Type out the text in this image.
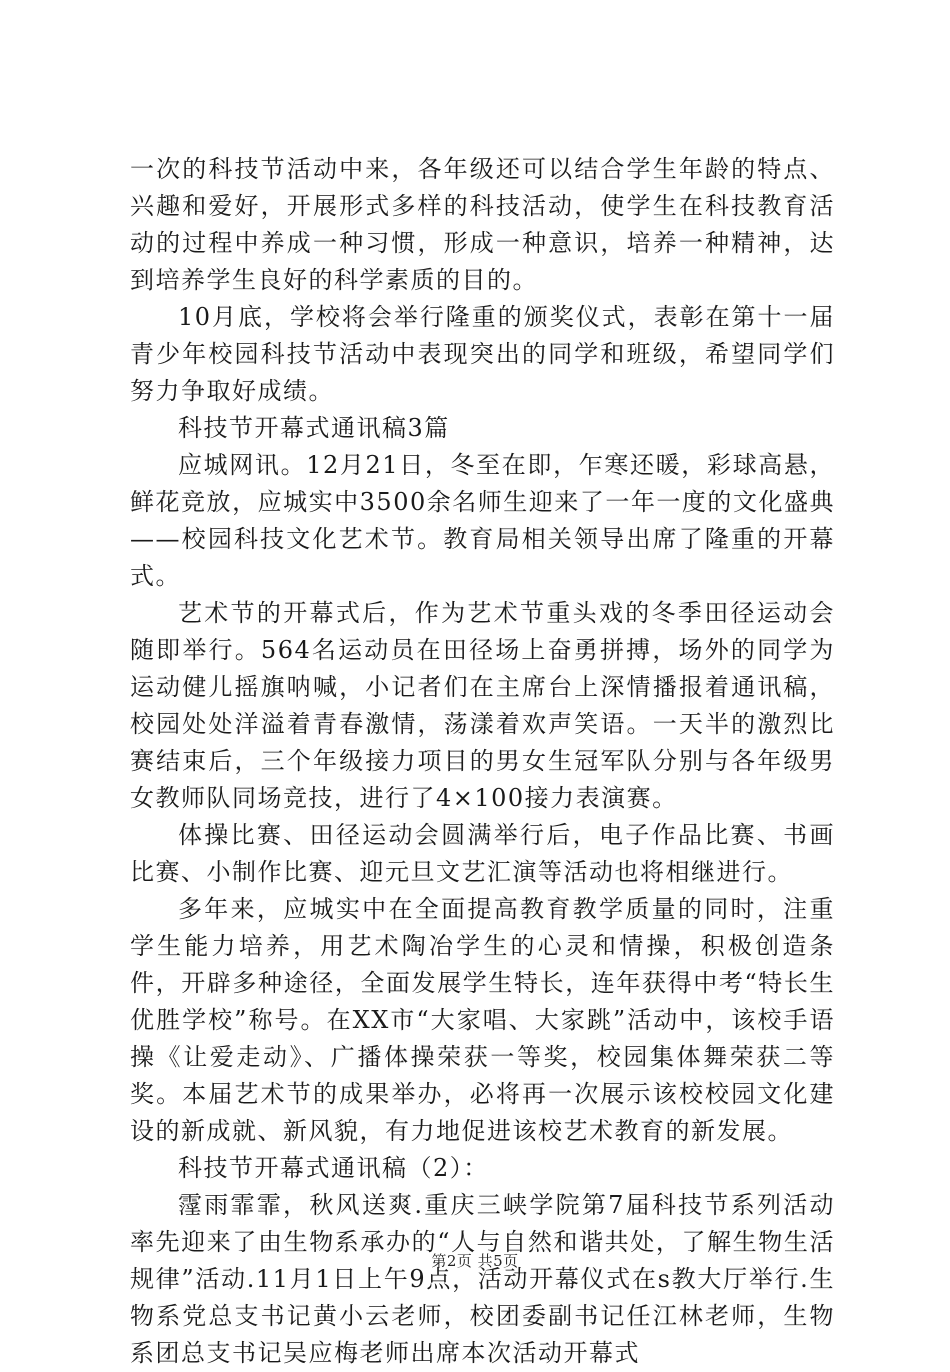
一次的科技节活动中来，各年级还可以结合学生年龄的特点、兴趣和爱好，开展形式多样的科技活动，使学生在科技教育活动的过程中养成一种习惯，形成一种意识，培养一种精神，达到培养学生良好的科学素质的目的。

10月底，学校将会举行隆重的颁奖仪式，表彰在第十一届青少年校园科技节活动中表现突出的同学和班级，希望同学们努力争取好成绩。

科技节开幕式通讯稿3篇

应城网讯。12月21日，冬至在即，乍寒还暖，彩球高悬，鲜花竞放，应城实中3500余名师生迎来了一年一度的文化盛典——校园科技文化艺术节。教育局相关领导出席了隆重的开幕式。

艺术节的开幕式后，作为艺术节重头戏的冬季田径运动会随即举行。564名运动员在田径场上奋勇拼搏，场外的同学为运动健儿摇旗呐喊，小记者们在主席台上深情播报着通讯稿，校园处处洋溢着青春激情，荡漾着欢声笑语。一天半的激烈比赛结束后，三个年级接力项目的男女生冠军队分别与各年级男女教师队同场竞技，进行了4×100接力表演赛。

体操比赛、田径运动会圆满举行后，电子作品比赛、书画比赛、小制作比赛、迎元旦文艺汇演等活动也将相继进行。

多年来，应城实中在全面提高教育教学质量的同时，注重学生能力培养，用艺术陶冶学生的心灵和情操，积极创造条件，开辟多种途径，全面发展学生特长，连年获得中考“特长生优胜学校”称号。在XX市“大家唱、大家跳”活动中，该校手语操《让爱走动》、广播体操荣获一等奖，校园集体舞荣获二等奖。本届艺术节的成果举办，必将再一次展示该校校园文化建设的新成就、新风貌，有力地促进该校艺术教育的新发展。

科技节开幕式通讯稿（2）：

霪雨霏霏，秋风送爽.重庆三峡学院第7届科技节系列活动率先迎来了由生物系承办的“人与自然和谐共处，了解生物生活规律”活动.11月1日上午9点，活动开幕仪式在s教大厅举行.生物系党总支书记黄小云老师，校团委副书记任江林老师，生物系团总支书记吴应梅老师出席本次活动开幕式

第2页 共5页
